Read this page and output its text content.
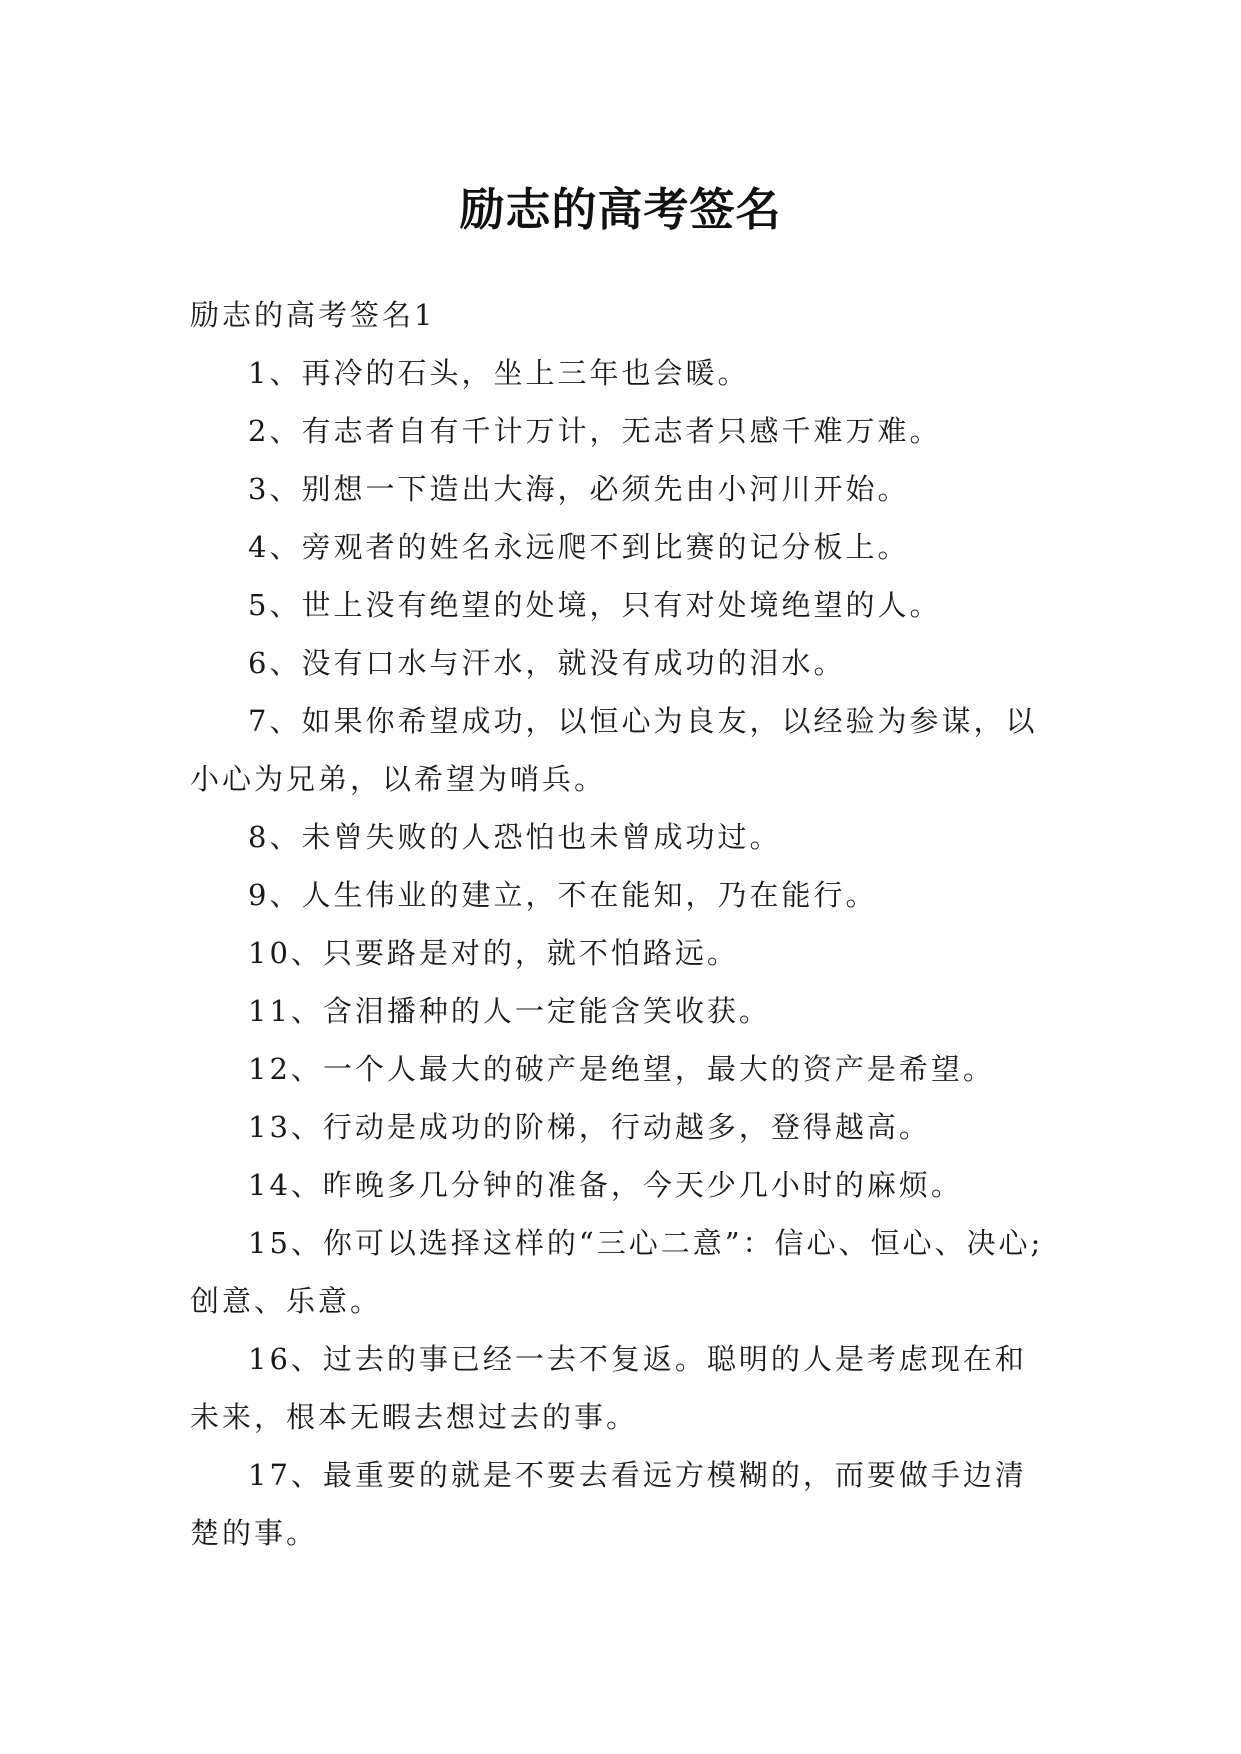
励志的高考签名

励志的高考签名1

1、再冷的石头，坐上三年也会暖。
2、有志者自有千计万计，无志者只感千难万难。
3、别想一下造出大海，必须先由小河川开始。
4、旁观者的姓名永远爬不到比赛的记分板上。
5、世上没有绝望的处境，只有对处境绝望的人。
6、没有口水与汗水，就没有成功的泪水。
7、如果你希望成功，以恒心为良友，以经验为参谋，以小心为兄弟，以希望为哨兵。
8、未曾失败的人恐怕也未曾成功过。
9、人生伟业的建立，不在能知，乃在能行。
10、只要路是对的，就不怕路远。
11、含泪播种的人一定能含笑收获。
12、一个人最大的破产是绝望，最大的资产是希望。
13、行动是成功的阶梯，行动越多，登得越高。
14、昨晚多几分钟的准备，今天少几小时的麻烦。
15、你可以选择这样的“三心二意”：信心、恒心、决心;创意、乐意。
16、过去的事已经一去不复返。聪明的人是考虑现在和未来，根本无暇去想过去的事。
17、最重要的就是不要去看远方模糊的，而要做手边清楚的事。
